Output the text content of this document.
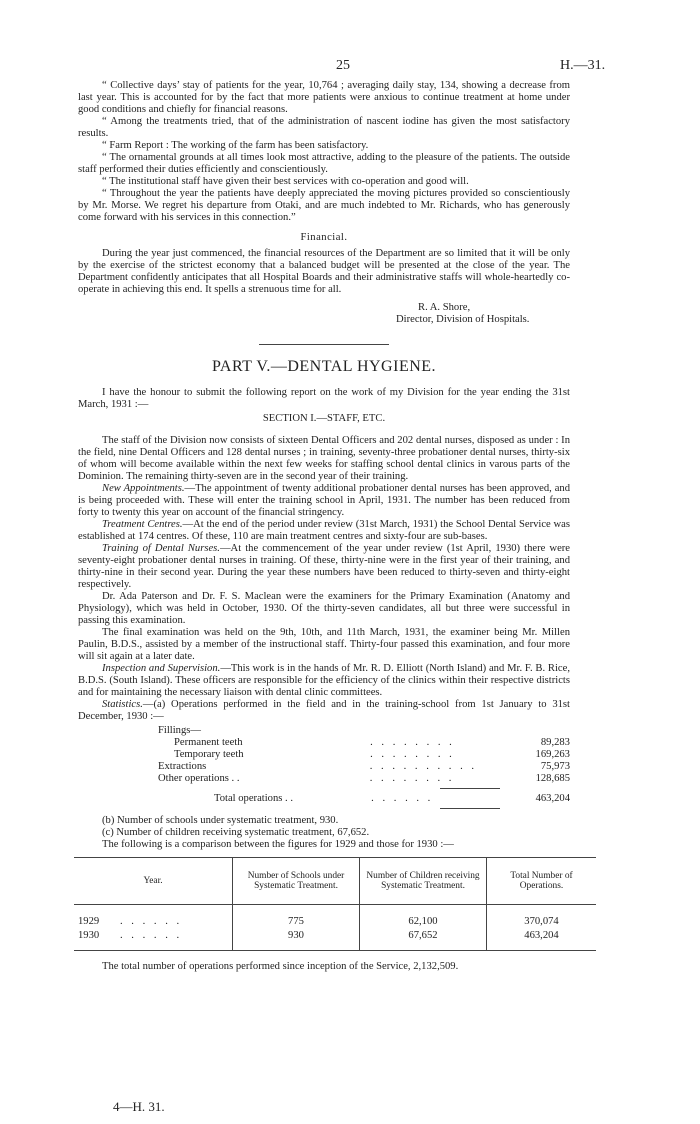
25	H.—31.

“ Collective days’ stay of patients for the year, 10,764 ; averaging daily stay, 134, showing a decrease from last year. This is accounted for by the fact that more patients were anxious to continue treatment at home under good conditions and chiefly for financial reasons.

“ Among the treatments tried, that of the administration of nascent iodine has given the most satisfactory results.

“ Farm Report : The working of the farm has been satisfactory.

“ The ornamental grounds at all times look most attractive, adding to the pleasure of the patients. The outside staff performed their duties efficiently and conscientiously.

“ The institutional staff have given their best services with co-operation and good will.

“ Throughout the year the patients have deeply appreciated the moving pictures provided so conscientiously by Mr. Morse. We regret his departure from Otaki, and are much indebted to Mr. Richards, who has generously come forward with his services in this connection.”

Financial.

During the year just commenced, the financial resources of the Department are so limited that it will be only by the exercise of the strictest economy that a balanced budget will be presented at the close of the year. The Department confidently anticipates that all Hospital Boards and their administrative staffs will whole-heartedly co-operate in achieving this end. It spells a strenuous time for all.

R. A. Shore,

Director, Division of Hospitals.

PART V.—DENTAL HYGIENE.

I have the honour to submit the following report on the work of my Division for the year ending the 31st March, 1931 :—

SECTION I.—STAFF, ETC.

The staff of the Division now consists of sixteen Dental Officers and 202 dental nurses, disposed as under : In the field, nine Dental Officers and 128 dental nurses ; in training, seventy-three probationer dental nurses, thirty-six of whom will become available within the next few weeks for staffing school dental clinics in varous parts of the Dominion. The remaining thirty-seven are in the second year of their training.

New Appointments.—The appointment of twenty additional probationer dental nurses has been approved, and is being proceeded with. These will enter the training school in April, 1931. The number has been reduced from forty to twenty this year on account of the financial stringency.

Treatment Centres.—At the end of the period under review (31st March, 1931) the School Dental Service was established at 174 centres. Of these, 110 are main treatment centres and sixty-four are sub-bases.

Training of Dental Nurses.—At the commencement of the year under review (1st April, 1930) there were seventy-eight probationer dental nurses in training. Of these, thirty-nine were in the first year of their training, and thirty-nine in their second year. During the year these numbers have been reduced to thirty-seven and thirty-eight respectively.

Dr. Ada Paterson and Dr. F. S. Maclean were the examiners for the Primary Examination (Anatomy and Physiology), which was held in October, 1930. Of the thirty-seven candidates, all but three were successful in passing this examination.

The final examination was held on the 9th, 10th, and 11th March, 1931, the examiner being Mr. Millen Paulin, B.D.S., assisted by a member of the instructional staff. Thirty-four passed this examination, and four more will sit again at a later date.

Inspection and Supervision.—This work is in the hands of Mr. R. D. Elliott (North Island) and Mr. F. B. Rice, B.D.S. (South Island). These officers are responsible for the efficiency of the clinics within their respective districts and for maintaining the necessary liaison with dental clinic committees.

Statistics.—(a) Operations performed in the field and in the training-school from 1st January to 31st December, 1930 :—

Fillings—
Permanent teeth	. . . . . . . .	89,283
Temporary teeth	. . . . . . . .	169,263
Extractions	. . . . . . . . . .	75,973
Other operations . .	. . . . . . . .	128,685
Total operations . .	. . . . . .	463,204

(b) Number of schools under systematic treatment, 930.

(c) Number of children receiving systematic treatment, 67,652.

The following is a comparison between the figures for 1929 and those for 1930 :—

Year.	Number of Schools under Systematic Treatment.	Number of Children receiving Systematic Treatment.	Total Number of Operations.

1929 . . . . . .	775	62,100	370,074

1930 . . . . . .	930	67,652	463,204

The total number of operations performed since inception of the Service, 2,132,509.

4—H. 31.
